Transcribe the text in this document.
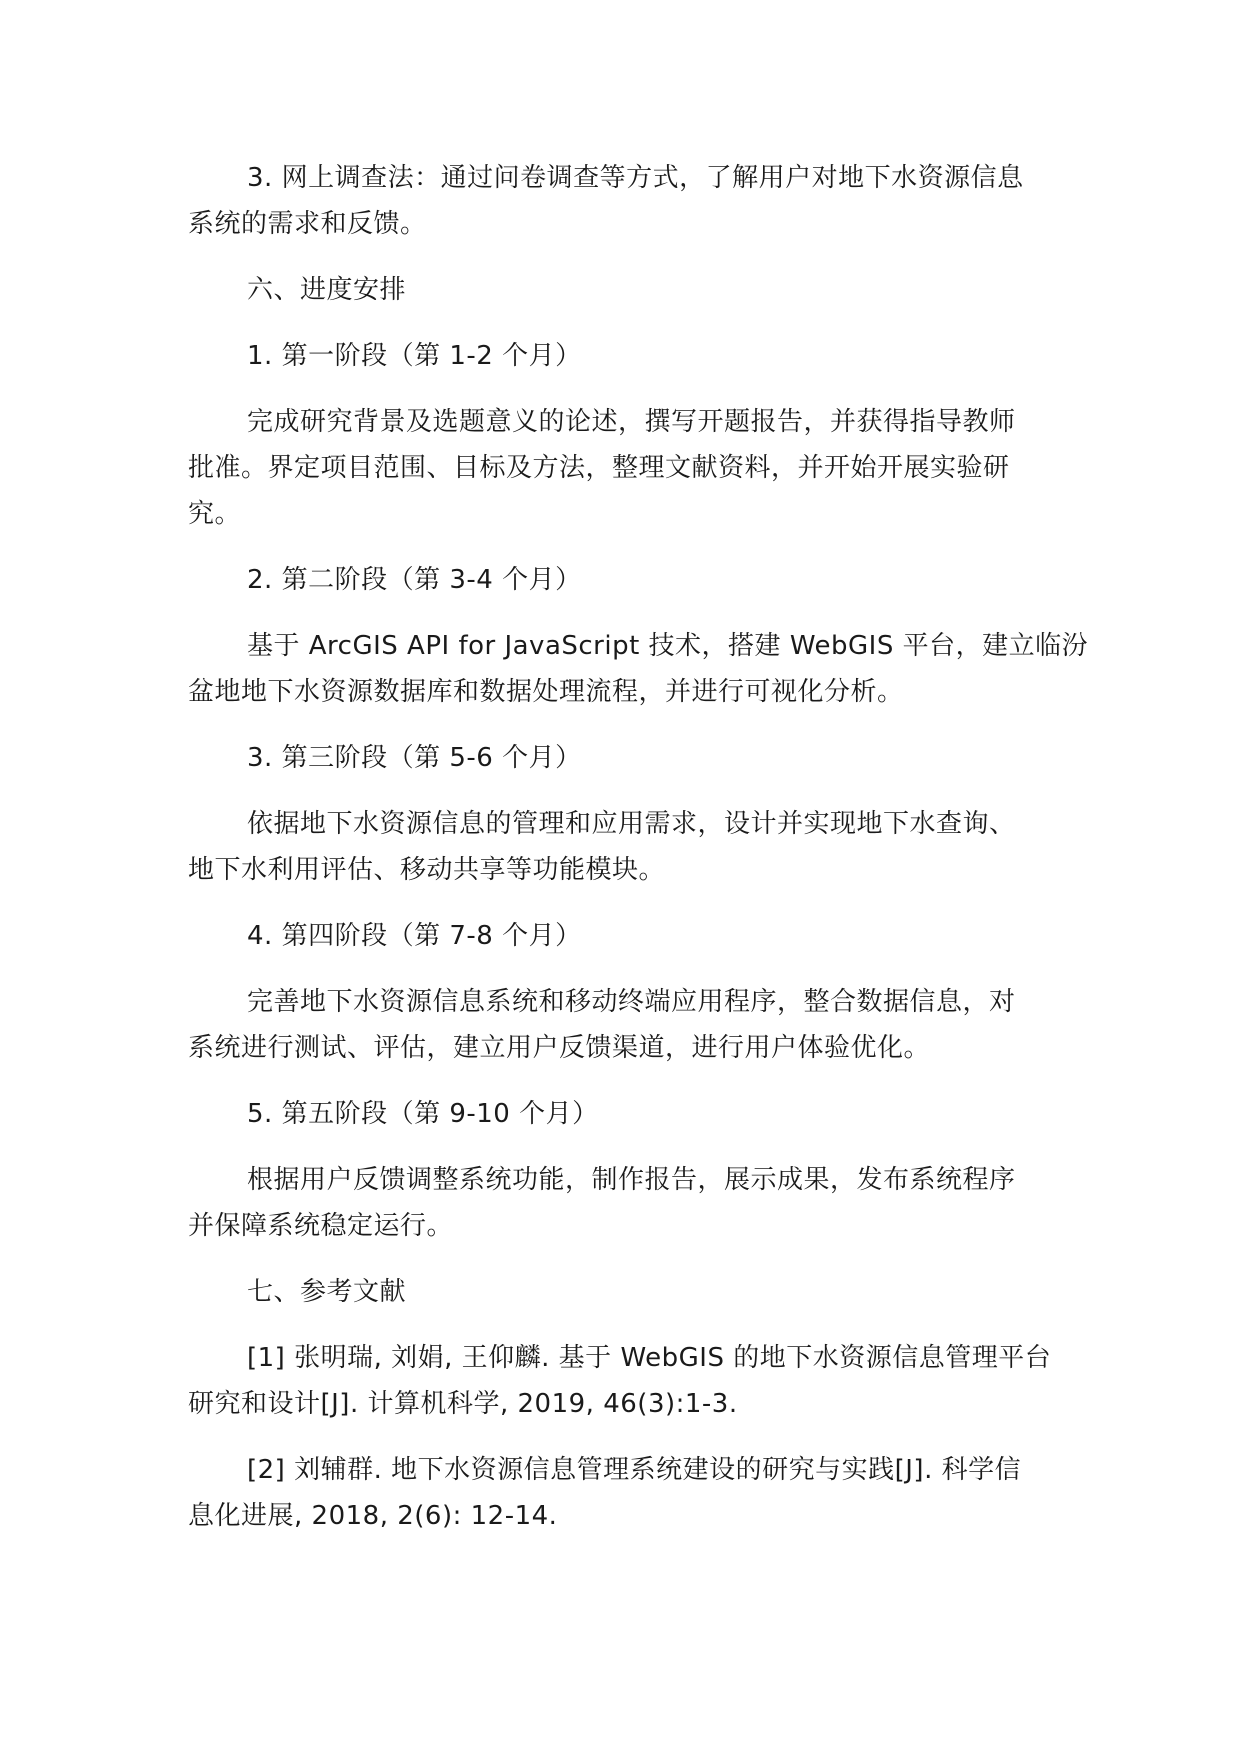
3. 网上调查法：通过问卷调查等方式，了解用户对地下水资源信息
系统的需求和反馈。

六、进度安排

1. 第一阶段（第 1-2 个月）

完成研究背景及选题意义的论述，撰写开题报告，并获得指导教师
批准。界定项目范围、目标及方法，整理文献资料，并开始开展实验研
究。

2. 第二阶段（第 3-4 个月）

基于 ArcGIS API for JavaScript 技术，搭建 WebGIS 平台，建立临汾
盆地地下水资源数据库和数据处理流程，并进行可视化分析。

3. 第三阶段（第 5-6 个月）

依据地下水资源信息的管理和应用需求，设计并实现地下水查询、
地下水利用评估、移动共享等功能模块。

4. 第四阶段（第 7-8 个月）

完善地下水资源信息系统和移动终端应用程序，整合数据信息，对
系统进行测试、评估，建立用户反馈渠道，进行用户体验优化。

5. 第五阶段（第 9-10 个月）

根据用户反馈调整系统功能，制作报告，展示成果，发布系统程序
并保障系统稳定运行。

七、参考文献

[1] 张明瑞, 刘娟, 王仰麟. 基于 WebGIS 的地下水资源信息管理平台
研究和设计[J]. 计算机科学, 2019, 46(3):1-3.

[2] 刘辅群. 地下水资源信息管理系统建设的研究与实践[J]. 科学信
息化进展, 2018, 2(6): 12-14.
